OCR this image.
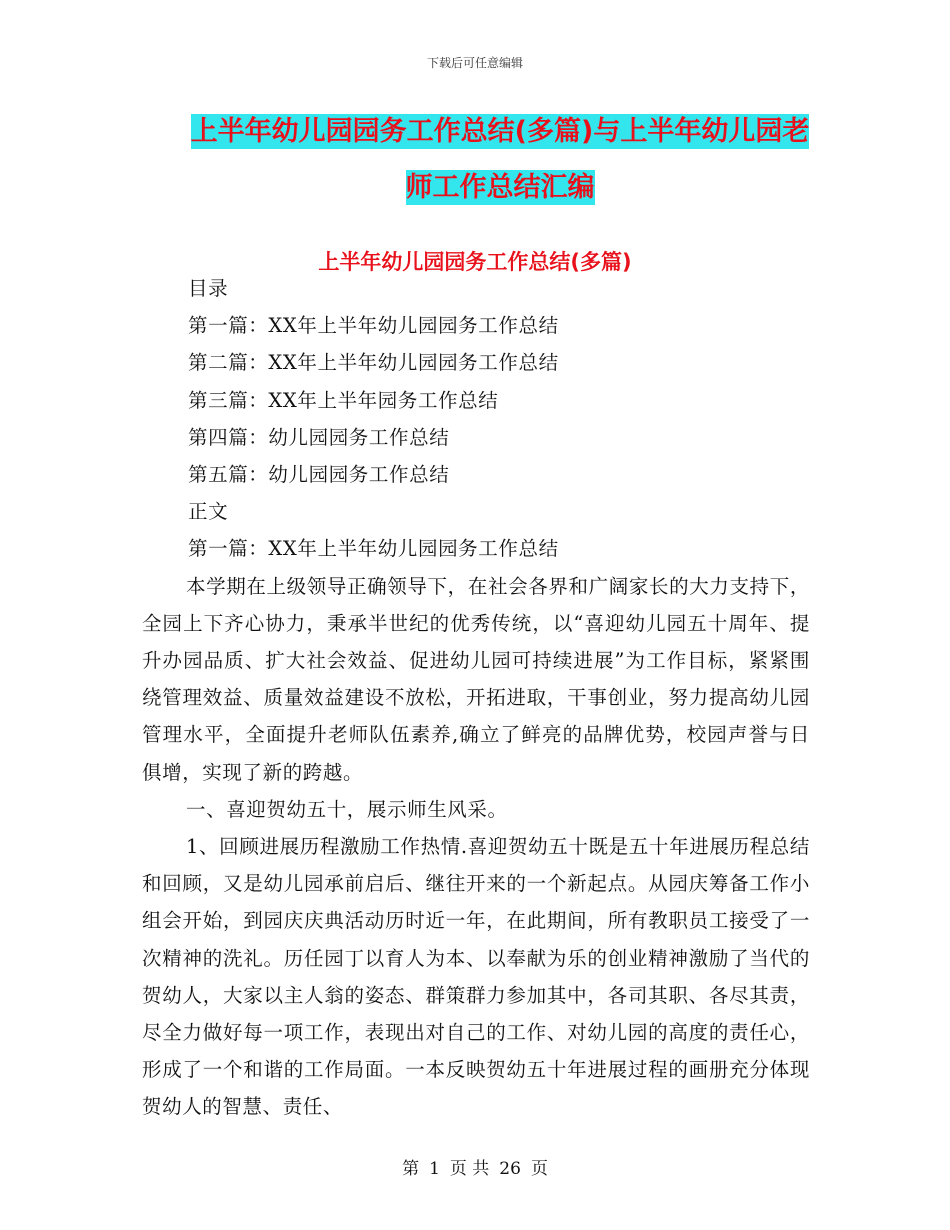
下载后可任意编辑
上半年幼儿园园务工作总结(多篇)与上半年幼儿园老师工作总结汇编
上半年幼儿园园务工作总结(多篇)
目录
第一篇：XX年上半年幼儿园园务工作总结
第二篇：XX年上半年幼儿园园务工作总结
第三篇：XX年上半年园务工作总结
第四篇：幼儿园园务工作总结
第五篇：幼儿园园务工作总结
正文
第一篇：XX年上半年幼儿园园务工作总结

本学期在上级领导正确领导下，在社会各界和广阔家长的大力支持下，全园上下齐心协力，秉承半世纪的优秀传统，以“喜迎幼儿园五十周年、提升办园品质、扩大社会效益、促进幼儿园可持续进展”为工作目标，紧紧围绕管理效益、质量效益建设不放松，开拓进取，干事创业，努力提高幼儿园管理水平，全面提升老师队伍素养,确立了鲜亮的品牌优势，校园声誉与日俱增，实现了新的跨越。

一、喜迎贺幼五十，展示师生风采。

1、回顾进展历程激励工作热情.喜迎贺幼五十既是五十年进展历程总结和回顾，又是幼儿园承前启后、继往开来的一个新起点。从园庆筹备工作小组会开始，到园庆庆典活动历时近一年，在此期间，所有教职员工接受了一次精神的洗礼。历任园丁以育人为本、以奉献为乐的创业精神激励了当代的贺幼人，大家以主人翁的姿态、群策群力参加其中，各司其职、各尽其责，尽全力做好每一项工作，表现出对自己的工作、对幼儿园的高度的责任心，形成了一个和谐的工作局面。一本反映贺幼五十年进展过程的画册充分体现贺幼人的智慧、责任、

第 1 页 共 26 页
